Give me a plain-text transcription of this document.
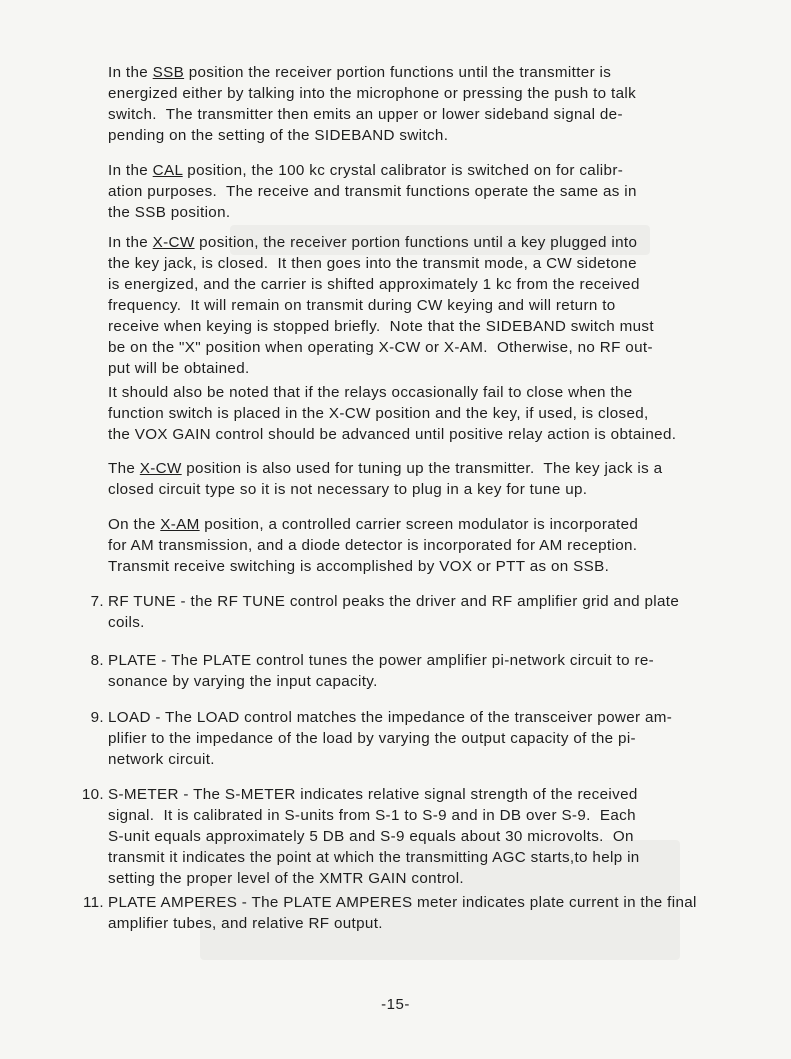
In the SSB position the receiver portion functions until the transmitter is
energized either by talking into the microphone or pressing the push to talk
switch.  The transmitter then emits an upper or lower sideband signal de-
pending on the setting of the SIDEBAND switch.
In the CAL position, the 100 kc crystal calibrator is switched on for calibr-
ation purposes.  The receive and transmit functions operate the same as in
the SSB position.
In the X-CW position, the receiver portion functions until a key plugged into
the key jack, is closed.  It then goes into the transmit mode, a CW sidetone
is energized, and the carrier is shifted approximately 1 kc from the received
frequency.  It will remain on transmit during CW keying and will return to
receive when keying is stopped briefly.  Note that the SIDEBAND switch must
be on the "X" position when operating X-CW or X-AM.  Otherwise, no RF out-
put will be obtained.
It should also be noted that if the relays occasionally fail to close when the
function switch is placed in the X-CW position and the key, if used, is closed,
the VOX GAIN control should be advanced until positive relay action is obtained.
The X-CW position is also used for tuning up the transmitter.  The key jack is a
closed circuit type so it is not necessary to plug in a key for tune up.
On the X-AM position, a controlled carrier screen modulator is incorporated
for AM transmission, and a diode detector is incorporated for AM reception.
Transmit receive switching is accomplished by VOX or PTT as on SSB.
7. RF TUNE - the RF TUNE control peaks the driver and RF amplifier grid and plate
coils.
8. PLATE - The PLATE control tunes the power amplifier pi-network circuit to re-
sonance by varying the input capacity.
9. LOAD - The LOAD control matches the impedance of the transceiver power am-
plifier to the impedance of the load by varying the output capacity of the pi-
network circuit.
10. S-METER - The S-METER indicates relative signal strength of the received
signal.  It is calibrated in S-units from S-1 to S-9 and in DB over S-9.  Each
S-unit equals approximately 5 DB and S-9 equals about 30 microvolts.  On
transmit it indicates the point at which the transmitting AGC starts,to help in
setting the proper level of the XMTR GAIN control.
11. PLATE AMPERES - The PLATE AMPERES meter indicates plate current in the final
amplifier tubes, and relative RF output.
-15-
